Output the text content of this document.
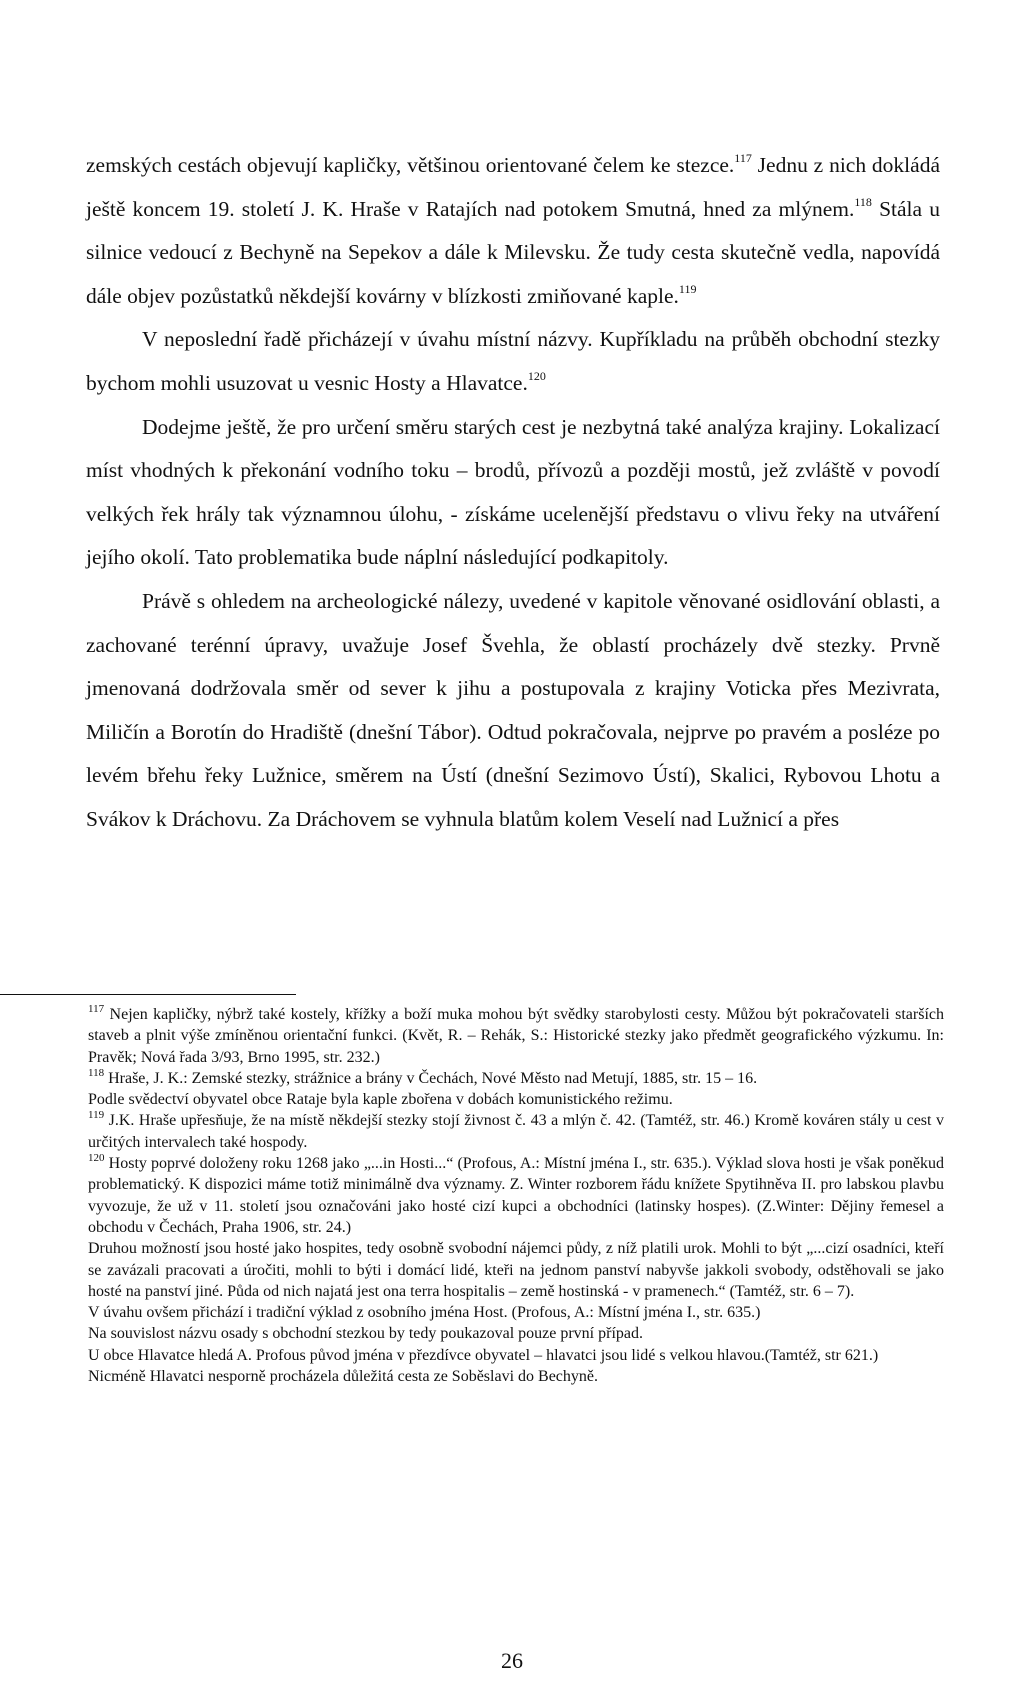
zemských cestách objevují kapličky, většinou orientované čelem ke stezce.$^{117}$ Jednu z nich dokládá ještě koncem 19. století J. K. Hraše v Ratajích nad potokem Smutná, hned za mlýnem.$^{118}$ Stála u silnice vedoucí z Bechyně na Sepekov a dále k Milevsku. Že tudy cesta skutečně vedla, napovídá dále objev pozůstatků někdejší kovárny v blízkosti zmiňované kaple.$^{119}$

V neposlední řadě přicházejí v úvahu místní názvy. Kupříkladu na průběh obchodní stezky bychom mohli usuzovat u vesnic Hosty a Hlavatce.$^{120}$

Dodejme ještě, že pro určení směru starých cest je nezbytná také analýza krajiny. Lokalizací míst vhodných k překonání vodního toku – brodů, přívozů a později mostů, jež zvláště v povodí velkých řek hrály tak významnou úlohu, - získáme ucelenější představu o vlivu řeky na utváření jejího okolí. Tato problematika bude náplní následující podkapitoly.

Právě s ohledem na archeologické nálezy, uvedené v kapitole věnované osidlování oblasti, a zachované terénní úpravy, uvažuje Josef Švehla, že oblastí procházely dvě stezky. Prvně jmenovaná dodržovala směr od sever k jihu a postupovala z krajiny Voticka přes Mezivrata, Miličín a Borotín do Hradiště (dnešní Tábor). Odtud pokračovala, nejprve po pravém a posléze po levém břehu řeky Lužnice, směrem na Ústí (dnešní Sezimovo Ústí), Skalici, Rybovou Lhotu a Svákov k Dráchovu. Za Dráchovem se vyhnula blatům kolem Veselí nad Lužnicí a přes

$^{117}$ Nejen kapličky, nýbrž také kostely, křížky a boží muka mohou být svědky starobylosti cesty. Můžou být pokračovateli starších staveb a plnit výše zmíněnou orientační funkci. (Květ, R. – Rehák, S.: Historické stezky jako předmět geografického výzkumu. In: Pravěk; Nová řada 3/93, Brno 1995, str. 232.)

$^{118}$ Hraše, J. K.: Zemské stezky, strážnice a brány v Čechách, Nové Město nad Metují, 1885, str. 15 – 16.

Podle svědectví obyvatel obce Rataje byla kaple zbořena v dobách komunistického režimu.

$^{119}$ J.K. Hraše upřesňuje, že na místě někdejší stezky stojí živnost č. 43 a mlýn č. 42. (Tamtéž, str. 46.) Kromě kováren stály u cest v určitých intervalech také hospody.

$^{120}$ Hosty poprvé doloženy roku 1268 jako „...in Hosti...“ (Profous, A.: Místní jména I., str. 635.). Výklad slova hosti je však poněkud problematický. K dispozici máme totiž minimálně dva významy. Z. Winter rozborem řádu knížete Spytihněva II. pro labskou plavbu vyvozuje, že už v 11. století jsou označováni jako hosté cizí kupci a obchodníci (latinsky hospes). (Z.Winter: Dějiny řemesel a obchodu v Čechách, Praha 1906, str. 24.)

Druhou možností jsou hosté jako hospites, tedy osobně svobodní nájemci půdy, z níž platili urok. Mohli to být „...cizí osadníci, kteří se zavázali pracovati a úročiti, mohli to býti i domácí lidé, kteři na jednom panství nabyvše jakkoli svobody, odstěhovali se jako hosté na panství jiné. Půda od nich najatá jest ona terra hospitalis – země hostinská - v pramenech.“ (Tamtéž, str. 6 – 7).

V úvahu ovšem přichází i tradiční výklad z osobního jména Host. (Profous, A.: Místní jména I., str. 635.)

Na souvislost názvu osady s obchodní stezkou by tedy poukazoval pouze první případ.

U obce Hlavatce hledá A. Profous původ jména v přezdívce obyvatel – hlavatci jsou lidé s velkou hlavou.(Tamtéž, str 621.)

Nicméně Hlavatci nesporně procházela důležitá cesta ze Soběslavi do Bechyně.

26
